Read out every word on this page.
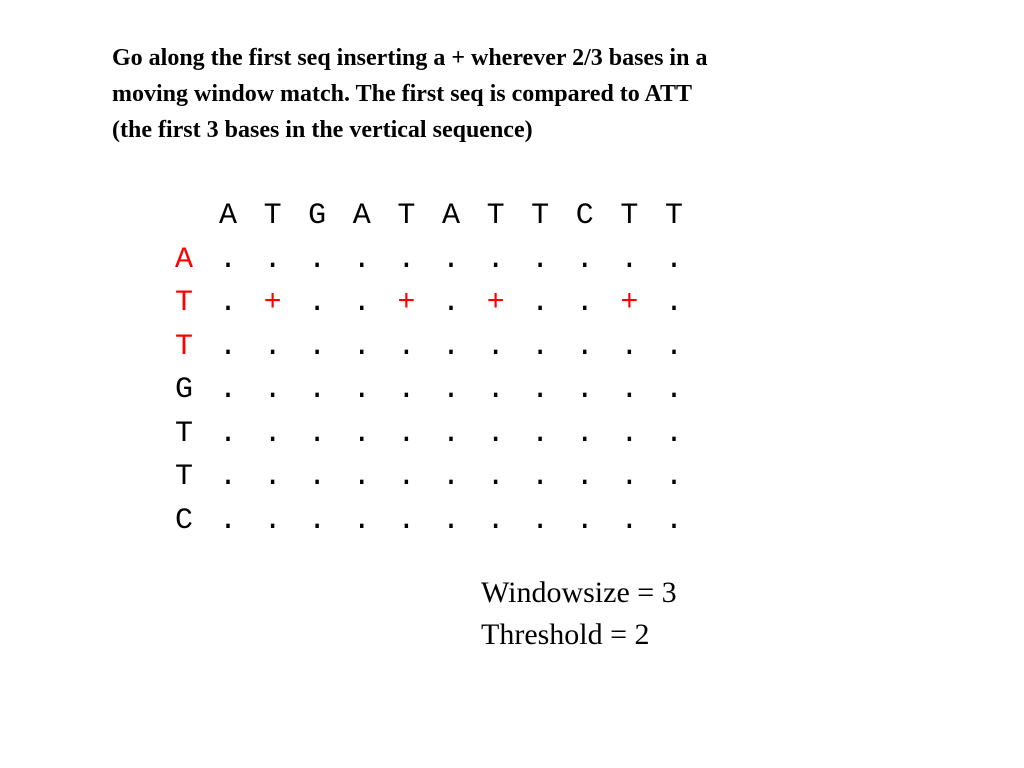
Go along the first seq inserting a + wherever 2/3 bases in a
moving window match. The first seq is compared to ATT
(the first 3 bases in the vertical sequence)
A T G A T A T T C T T
A . . . . . . . . . . .
T . + . . + . + . . + .
T . . . . . . . . . . .
G . . . . . . . . . . .
T . . . . . . . . . . .
T . . . . . . . . . . .
C . . . . . . . . . . .
Windowsize = 3
Threshold = 2
